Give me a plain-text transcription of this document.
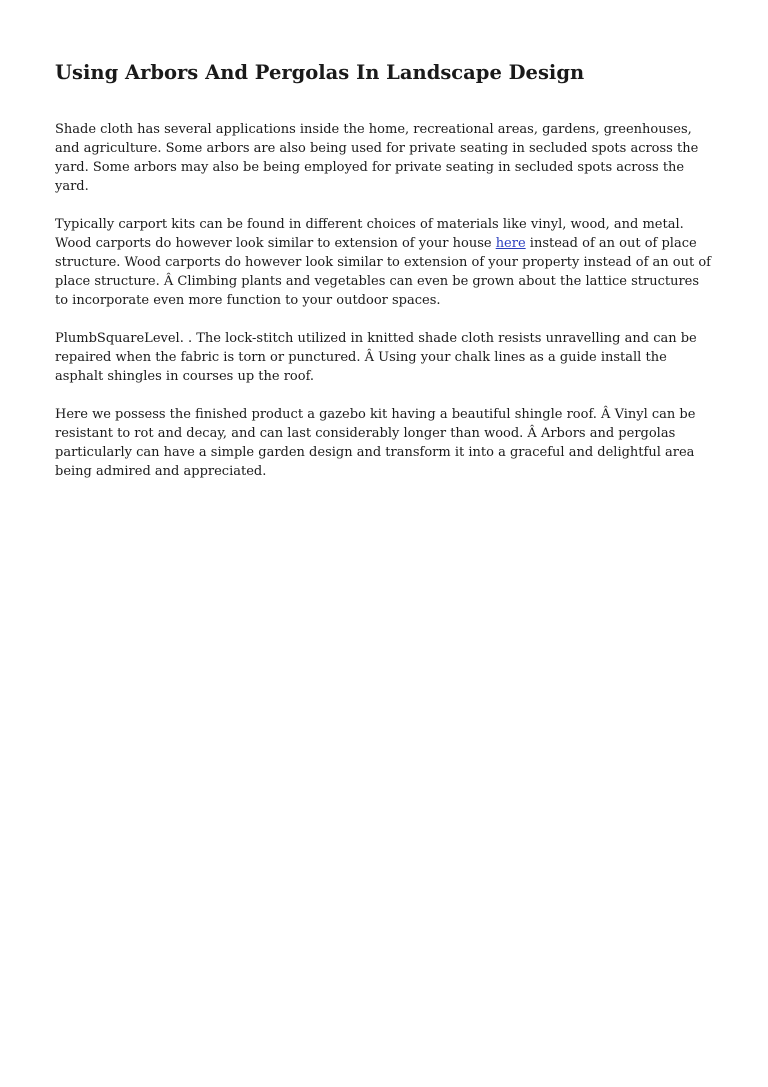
Using Arbors And Pergolas In Landscape Design

Shade cloth has several applications inside the home, recreational areas, gardens, greenhouses, and agriculture. Some arbors are also being used for private seating in secluded spots across the yard. Some arbors may also be being employed for private seating in secluded spots across the yard.

Typically carport kits can be found in different choices of materials like vinyl, wood, and metal. Wood carports do however look similar to extension of your house here instead of an out of place structure. Wood carports do however look similar to extension of your property instead of an out of place structure. Â Climbing plants and vegetables can even be grown about the lattice structures to incorporate even more function to your outdoor spaces.

PlumbSquareLevel. . The lock-stitch utilized in knitted shade cloth resists unravelling and can be repaired when the fabric is torn or punctured. Â Using your chalk lines as a guide install the asphalt shingles in courses up the roof.

Here we possess the finished product a gazebo kit having a beautiful shingle roof. Â Vinyl can be resistant to rot and decay, and can last considerably longer than wood. Â Arbors and pergolas particularly can have a simple garden design and transform it into a graceful and delightful area being admired and appreciated.
